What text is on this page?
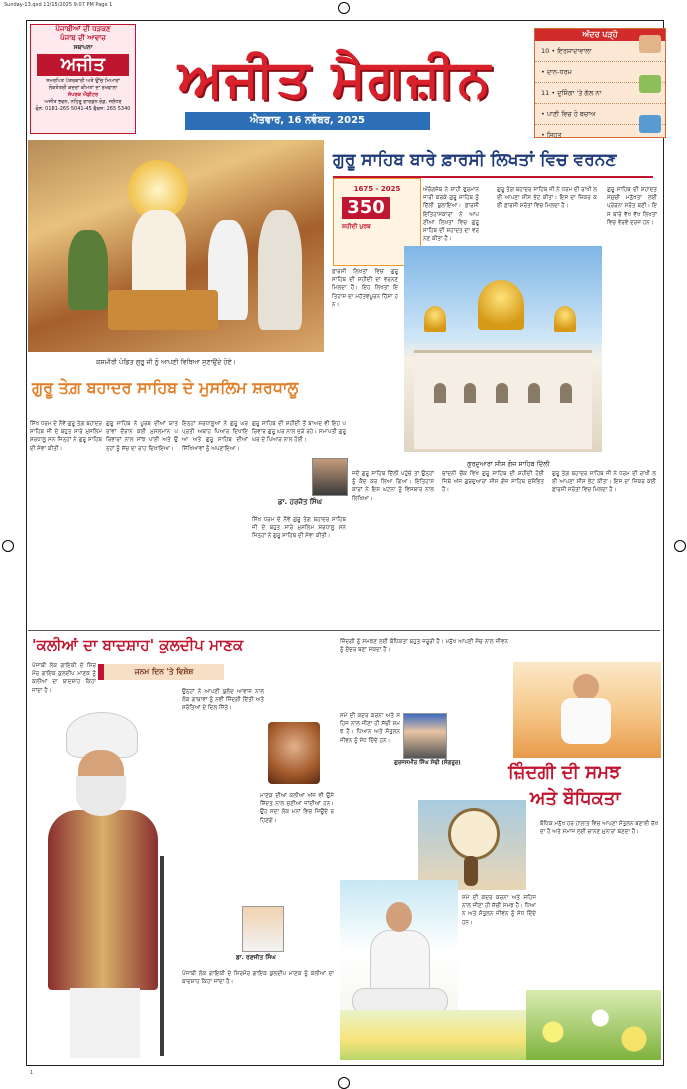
Sunday-13.qxd 11/15/2025 9:07 PM Page 1
ਪੰਜਾਬੀਆਂ ਦੀ ਧੜਕਣ
ਪੰਜਾਬ ਦੀ ਆਵਾਜ਼
ਸਥਾਪਨਾ
ਅਜੀਤ
ਸਮਰਪਿਤ ਪੱਤਰਕਾਰੀ ਅਤੇ ਉੱਚ ਮਿਆਰਾਂ
ਲੋਕਤੰਤਰੀ ਕਦਰਾਂ ਕੀਮਤਾਂ ਦਾ ਰਖਵਾਲਾ
ਸੰਪਰਕ ਐਡੀਟਰ
ਅਜੀਤ ਭਵਨ, ਨਹਿਰੂ ਗਾਰਡਨ ਰੋਡ, ਜਲੰਧਰ
ਫੋਨ: 0181-265 5041-45 ਫੈਕਸ: 265 5340 ਅਜੀਤ ਮੈਗਜ਼ੀਨ
ਐਤਵਾਰ, 16 ਨਵੰਬਰ, 2025
ਅੰਦਰ ਪੜ੍ਹੋ
10 • ਇਰਸ਼ਾਦਾਵਾਲਾ
• ਦਾਨ-ਧਰਮ
11 • ਦੁਸ਼ਿੰਗਾ 'ਤੇ ਗੱਲ ਨਾ
• ਪਾਣੀ ਵਿਚ ਹੋ ਬਚਾਅ
• ਸਿਹਤ
ਕਸ਼ਮੀਰੀ ਪੰਡਿਤ ਗੁਰੂ ਜੀ ਨੂੰ ਆਪਣੀ ਵਿਥਿਆ ਸੁਣਾਉਂਦੇ ਹੋਏ।
ਗੁਰੂ ਸਾਹਿਬ ਬਾਰੇ ਫ਼ਾਰਸੀ ਲਿਖਤਾਂ ਵਿਚ ਵਰਨਣ
1675 - 2025
350
ਸ਼ਹੀਦੀ ਪੁਰਬ
ਔਰੰਗਜ਼ੇਬ ਨੇ ਸ਼ਾਹੀ ਫੁਰਮਾਨ ਜਾਰੀ ਕਰਕੇ ਗੁਰੂ ਸਾਹਿਬ ਨੂੰ ਦਿੱਲੀ ਬੁਲਾਇਆ। ਫ਼ਾਰਸੀ ਇਤਿਹਾਸਕਾਰਾਂ ਨੇ ਆਪਣੀਆਂ ਲਿਖਤਾਂ ਵਿਚ ਗੁਰੂ ਸਾਹਿਬ ਦੀ ਸ਼ਹਾਦਤ ਦਾ ਵਰਨਣ ਕੀਤਾ ਹੈ।
ਗੁਰੂ ਤੇਗ਼ ਬਹਾਦਰ ਸਾਹਿਬ ਜੀ ਨੇ ਧਰਮ ਦੀ ਰਾਖੀ ਲਈ ਆਪਣਾ ਸੀਸ ਭੇਟ ਕੀਤਾ। ਇਸ ਦਾ ਜ਼ਿਕਰ ਕਈ ਫ਼ਾਰਸੀ ਸਰੋਤਾਂ ਵਿਚ ਮਿਲਦਾ ਹੈ।
ਗੁਰੂ ਸਾਹਿਬ ਦੀ ਸ਼ਹਾਦਤ ਸਮੁੱਚੀ ਮਨੁੱਖਤਾ ਲਈ ਪ੍ਰੇਰਨਾ ਸਰੋਤ ਬਣੀ। ਇਸ ਬਾਰੇ ਵੱਖ ਵੱਖ ਲਿਖਤਾਂ ਵਿਚ ਵੇਰਵੇ ਦਰਜ ਹਨ।
ਫ਼ਾਰਸੀ ਲਿਖਤਾਂ ਵਿਚ ਗੁਰੂ ਸਾਹਿਬ ਦੀ ਸ਼ਹੀਦੀ ਦਾ ਵਰਨਣ ਮਿਲਦਾ ਹੈ। ਇਹ ਲਿਖਤਾਂ ਇਤਿਹਾਸ ਦਾ ਮਹੱਤਵਪੂਰਨ ਹਿੱਸਾ ਹਨ।
ਗੁਰਦੁਆਰਾ ਸੀਸ ਗੰਜ ਸਾਹਿਬ ਦਿੱਲੀ
ਜਦੋਂ ਗੁਰੂ ਸਾਹਿਬ ਦਿੱਲੀ ਪਹੁੰਚੇ ਤਾਂ ਉਨ੍ਹਾਂ ਨੂੰ ਕੈਦ ਕਰ ਲਿਆ ਗਿਆ। ਇਤਿਹਾਸਕਾਰਾਂ ਨੇ ਇਸ ਘਟਨਾ ਨੂੰ ਵਿਸਥਾਰ ਨਾਲ ਲਿਖਿਆ।
ਚਾਂਦਨੀ ਚੌਕ ਵਿਖੇ ਗੁਰੂ ਸਾਹਿਬ ਦੀ ਸ਼ਹੀਦੀ ਹੋਈ ਜਿਥੇ ਅੱਜ ਗੁਰਦੁਆਰਾ ਸੀਸ ਗੰਜ ਸਾਹਿਬ ਸੁਸ਼ੋਭਿਤ ਹੈ।
ਗੁਰੂ ਤੇਗ਼ ਬਹਾਦਰ ਸਾਹਿਬ ਜੀ ਨੇ ਧਰਮ ਦੀ ਰਾਖੀ ਲਈ ਆਪਣਾ ਸੀਸ ਭੇਟ ਕੀਤਾ। ਇਸ ਦਾ ਜ਼ਿਕਰ ਕਈ ਫ਼ਾਰਸੀ ਸਰੋਤਾਂ ਵਿਚ ਮਿਲਦਾ ਹੈ।
ਗੁਰੂ ਤੇਗ਼ ਬਹਾਦਰ ਸਾਹਿਬ ਦੇ ਮੁਸਲਿਮ ਸ਼ਰਧਾਲੂ
ਸਿੱਖ ਧਰਮ ਦੇ ਨੌਵੇਂ ਗੁਰੂ ਤੇਗ਼ ਬਹਾਦਰ ਸਾਹਿਬ ਜੀ ਦੇ ਬਹੁਤ ਸਾਰੇ ਮੁਸਲਿਮ ਸ਼ਰਧਾਲੂ ਸਨ ਜਿਨ੍ਹਾਂ ਨੇ ਗੁਰੂ ਸਾਹਿਬ ਦੀ ਸੇਵਾ ਕੀਤੀ।
ਗੁਰੂ ਸਾਹਿਬ ਨੇ ਪੂਰਬ ਦੀਆਂ ਯਾਤਰਾਵਾਂ ਦੌਰਾਨ ਕਈ ਮੁਸਲਮਾਨ ਪਰਿਵਾਰਾਂ ਨਾਲ ਸਾਂਝ ਪਾਈ ਅਤੇ ਉਨ੍ਹਾਂ ਨੂੰ ਸੱਚ ਦਾ ਰਾਹ ਦਿਖਾਇਆ।
ਇਨ੍ਹਾਂ ਸ਼ਰਧਾਲੂਆਂ ਨੇ ਗੁਰੂ ਘਰ ਪ੍ਰਤੀ ਅਥਾਹ ਪਿਆਰ ਦਿਖਾਇਆ ਅਤੇ ਗੁਰੂ ਸਾਹਿਬ ਦੀਆਂ ਸਿੱਖਿਆਵਾਂ ਨੂੰ ਅਪਣਾਇਆ।
ਗੁਰੂ ਸਾਹਿਬ ਦੀ ਸ਼ਹੀਦੀ ਤੋਂ ਬਾਅਦ ਵੀ ਇਹ ਪਰਿਵਾਰ ਗੁਰੂ ਘਰ ਨਾਲ ਜੁੜੇ ਰਹੇ। ਸਮਾਪਤੀ ਗੁਰੂ ਘਰ ਦੇ ਪਿਆਰ ਨਾਲ ਹੋਈ।
ਡਾ. ਹਰਜੋਤ ਸਿੰਘ
ਸਿੱਖ ਧਰਮ ਦੇ ਨੌਵੇਂ ਗੁਰੂ ਤੇਗ਼ ਬਹਾਦਰ ਸਾਹਿਬ ਜੀ ਦੇ ਬਹੁਤ ਸਾਰੇ ਮੁਸਲਿਮ ਸ਼ਰਧਾਲੂ ਸਨ ਜਿਨ੍ਹਾਂ ਨੇ ਗੁਰੂ ਸਾਹਿਬ ਦੀ ਸੇਵਾ ਕੀਤੀ।
'ਕਲੀਆਂ ਦਾ ਬਾਦਸ਼ਾਹ' ਕੁਲਦੀਪ ਮਾਣਕ
ਜਨਮ ਦਿਨ 'ਤੇ ਵਿਸ਼ੇਸ਼
ਪੰਜਾਬੀ ਲੋਕ ਗਾਇਕੀ ਦੇ ਸਿਰਮੌਰ ਗਾਇਕ ਕੁਲਦੀਪ ਮਾਣਕ ਨੂੰ ਕਲੀਆਂ ਦਾ ਬਾਦਸ਼ਾਹ ਕਿਹਾ ਜਾਂਦਾ ਹੈ।	ਉਨ੍ਹਾਂ ਨੇ ਆਪਣੀ ਬੁਲੰਦ ਆਵਾਜ਼ ਨਾਲ ਲੋਕ ਗਾਥਾਵਾਂ ਨੂੰ ਨਵੀਂ ਜ਼ਿੰਦਗੀ ਦਿੱਤੀ ਅਤੇ ਸਰੋਤਿਆਂ ਦੇ ਦਿਲ ਜਿੱਤੇ।
ਮਾਣਕ ਦੀਆਂ ਕਲੀਆਂ ਅੱਜ ਵੀ ਉਸੇ ਸ਼ਿੱਦਤ ਨਾਲ ਸੁਣੀਆਂ ਜਾਂਦੀਆਂ ਹਨ। ਉਹ ਸਦਾ ਲੋਕ ਮਨਾਂ ਵਿਚ ਜਿਊਂਦੇ ਰਹਿਣਗੇ।
ਡਾ. ਰਣਜੀਤ ਸਿੰਘ
ਪੰਜਾਬੀ ਲੋਕ ਗਾਇਕੀ ਦੇ ਸਿਰਮੌਰ ਗਾਇਕ ਕੁਲਦੀਪ ਮਾਣਕ ਨੂੰ ਕਲੀਆਂ ਦਾ ਬਾਦਸ਼ਾਹ ਕਿਹਾ ਜਾਂਦਾ ਹੈ।
ਜ਼ਿੰਦਗੀ ਨੂੰ ਸਮਝਣ ਲਈ ਬੌਧਿਕਤਾ ਬਹੁਤ ਜ਼ਰੂਰੀ ਹੈ। ਮਨੁੱਖ ਆਪਣੀ ਸੋਚ ਨਾਲ ਜੀਵਨ ਨੂੰ ਸੁੰਦਰ ਬਣਾ ਸਕਦਾ ਹੈ।
ਗੁਰਜਸਮੀਰ ਸਿੰਘ ਸੋਢੀ (ਸੰਗਰੂਰ)
ਸਮੇਂ ਦੀ ਕਦਰ ਕਰਨਾ ਅਤੇ ਸਹਿਜ ਨਾਲ ਜੀਣਾ ਹੀ ਸੱਚੀ ਸਮਝ ਹੈ। ਧਿਆਨ ਅਤੇ ਸੰਤੁਲਨ ਜੀਵਨ ਨੂੰ ਸੇਧ ਦਿੰਦੇ ਹਨ।
ਜ਼ਿੰਦਗੀ ਦੀ ਸਮਝ
ਅਤੇ ਬੌਧਿਕਤਾ
ਬੌਧਿਕ ਮਨੁੱਖ ਹਰ ਹਾਲਾਤ ਵਿਚ ਆਪਣਾ ਸੰਤੁਲਨ ਬਣਾਈ ਰੱਖਦਾ ਹੈ ਅਤੇ ਸਮਾਜ ਲਈ ਚਾਨਣ ਮੁਨਾਰਾ ਬਣਦਾ ਹੈ।
ਸਮੇਂ ਦੀ ਕਦਰ ਕਰਨਾ ਅਤੇ ਸਹਿਜ ਨਾਲ ਜੀਣਾ ਹੀ ਸੱਚੀ ਸਮਝ ਹੈ। ਧਿਆਨ ਅਤੇ ਸੰਤੁਲਨ ਜੀਵਨ ਨੂੰ ਸੇਧ ਦਿੰਦੇ ਹਨ।
1
